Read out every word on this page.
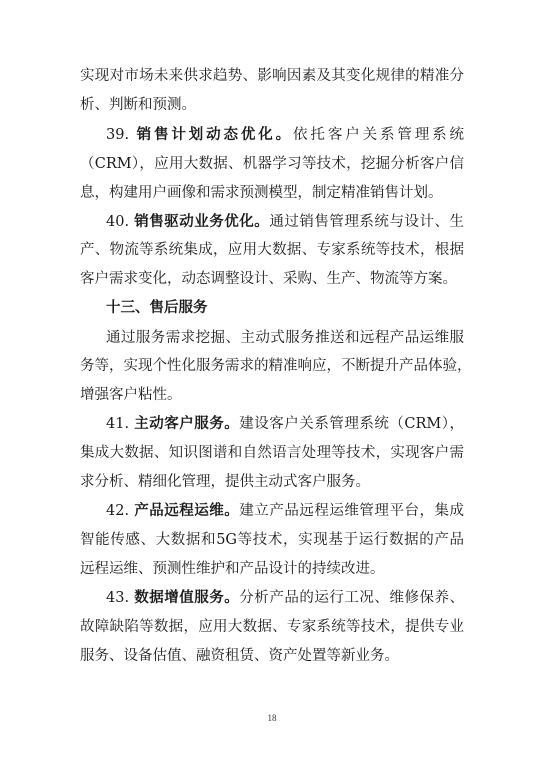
实现对市场未来供求趋势、影响因素及其变化规律的精准分
析、判断和预测。
39. 销售计划动态优化。依托客户关系管理系统
（CRM），应用大数据、机器学习等技术，挖掘分析客户信
息，构建用户画像和需求预测模型，制定精准销售计划。
40. 销售驱动业务优化。通过销售管理系统与设计、生
产、物流等系统集成，应用大数据、专家系统等技术，根据
客户需求变化，动态调整设计、采购、生产、物流等方案。
十三、售后服务
通过服务需求挖掘、主动式服务推送和远程产品运维服
务等，实现个性化服务需求的精准响应，不断提升产品体验，
增强客户粘性。
41. 主动客户服务。建设客户关系管理系统（CRM），
集成大数据、知识图谱和自然语言处理等技术，实现客户需
求分析、精细化管理，提供主动式客户服务。
42. 产品远程运维。建立产品远程运维管理平台，集成
智能传感、大数据和5G等技术，实现基于运行数据的产品
远程运维、预测性维护和产品设计的持续改进。
43. 数据增值服务。分析产品的运行工况、维修保养、
故障缺陷等数据，应用大数据、专家系统等技术，提供专业
服务、设备估值、融资租赁、资产处置等新业务。
18
